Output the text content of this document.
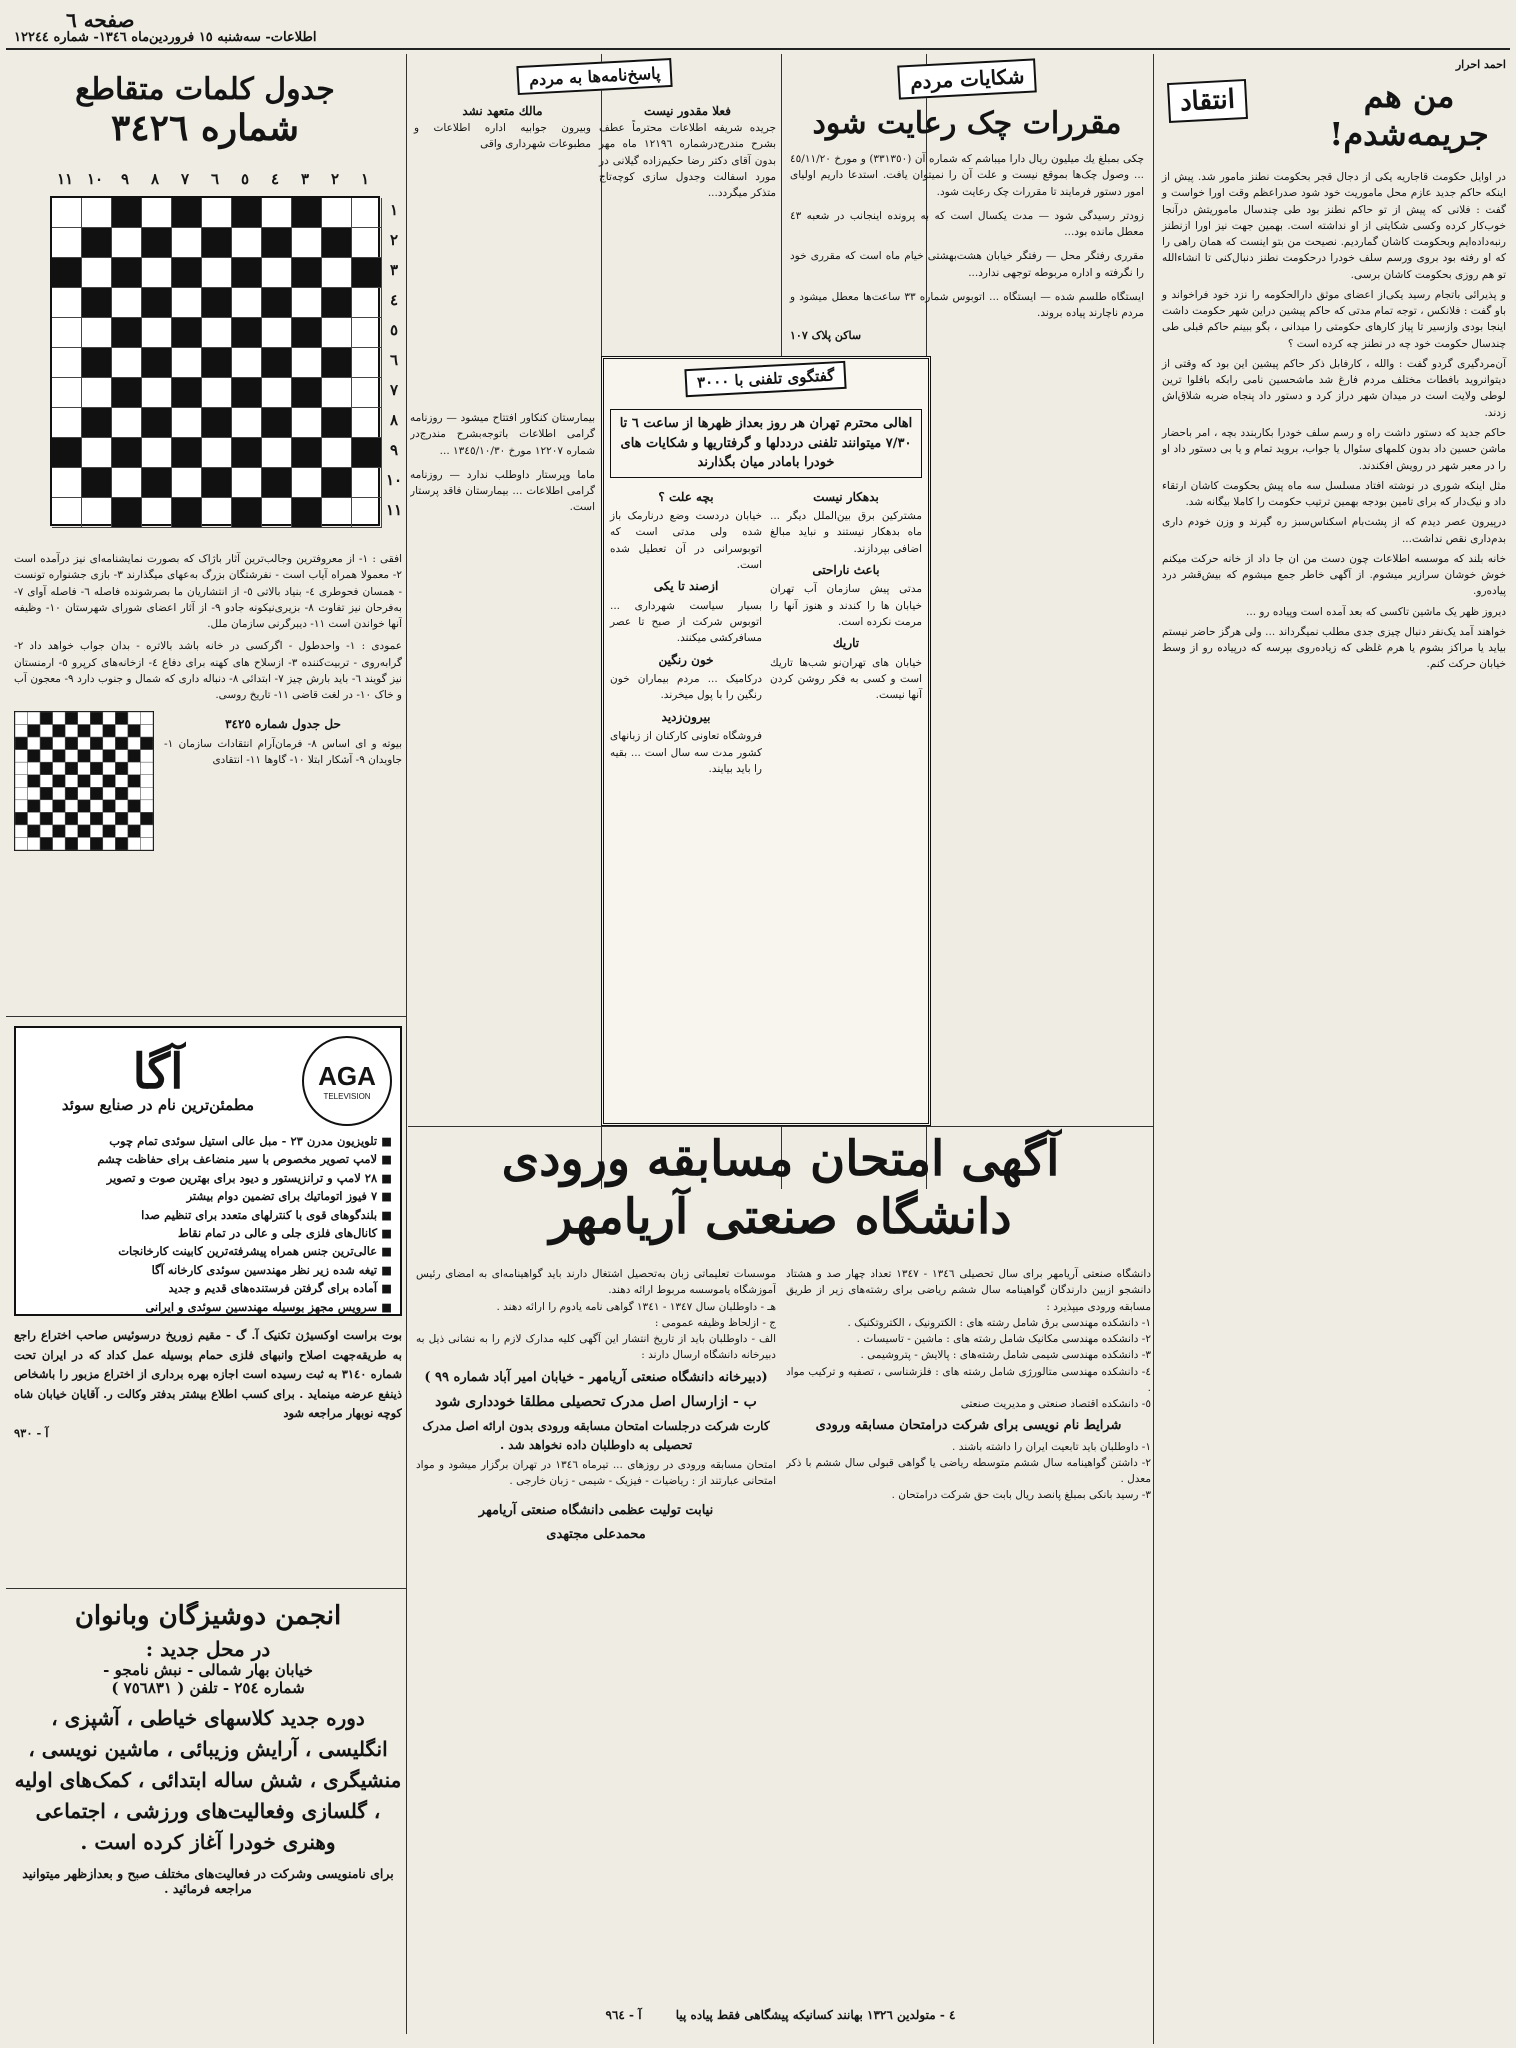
صفحه ٦
اطلاعات- سه‌شنبه ١٥ فروردین‌ماه ١٣٤٦- شماره ١٢٢٤٤
احمد احرار
انتقاد	من هم جریمه‌شدم!

در اوایل حکومت قاجاریه یکی از دجال قجر بحکومت نطنز مامور شد. پیش از اینکه حاکم جدید عازم محل ماموریت خود شود صدراعظم وقت اورا خواست و گفت : فلانی که پیش از تو حاکم نطنز بود طی چندسال ماموریتش درآنجا خوب‌کار کرده وکسی شکایتی از او نداشته است. بهمین جهت نیز اورا ازنطنز رنبه‌داده‌ایم وبحکومت کاشان گماردیم. نصیحت من بتو اینست که همان راهی را که او رفته بود بروی ورسم سلف خودرا درحکومت نطنز دنبال‌کنی تا انشاءالله تو هم روزی بحکومت کاشان برسی.

و پذیرائی باتجام رسید یکی‌از اعضای موثق دارالحکومه را نزد خود فراخواند و باو گفت : فلانکس ، توجه تمام مدتی که حاکم پیشین دراین شهر حکومت داشت اینجا بودی وازسیر تا پیاز کارهای حکومتی را میدانی ، بگو ببینم حاکم قبلی طی چندسال حکومت خود چه در نطنز چه کرده است ؟

آن‌مردگیری گردو گفت : والله ، کارفابل ذکر حاکم پیشین این بود که وقتی از دیتوانروید بافطات مختلف مردم فارغ شد ماشحسین نامی رابکه بافلوا ترین لوطی ولایت است در میدان شهر دراز کرد و دستور داد پنجاه ضربه شلاق‌اش زدند.

حاکم جدید که دستور داشت راه و رسم سلف خودرا بکاربندد بچه ، امر باحضار ماشن حسین داد بدون کلمهای سئوال یا جواب، بروید تمام و یا بی دستور داد او را در معبر شهر در رویش افکندند.

مثل اینکه شوری در نوشته افتاد مسلسل سه ماه پیش بحکومت کاشان ارتقاء داد و نیک‌دار که برای تامین بودجه بهمین ترتیب حکومت را کاملا بیگانه شد.

درپیرون عصر دیدم که از پشت‌بام اسکناس‌سبز ره گیرند و وزن خودم داری بدم‌داری نقص نداشت...

خانه بلند که موسسه اطلاعات چون دست من ان جا داد از خانه حرکت میکنم خوش خوشان سرازیر میشوم. از آگهی خاطر جمع میشوم که بیش‌قشر درد پیاده‌رو.

دیروز ظهر یک ماشین تاکسی که بعد آمده است وپیاده رو ...

خواهند آمد یک‌نفر دنبال چیزی جدی مطلب نمیگرداند ... ولی هرگز حاضر نیستم بیاید یا مراکز بشوم یا هرم غلظی که زیاده‌روی بپرسه که درپیاده رو از وسط خیابان حرکت کنم.

شکایات مردم
مقررات چک رعایت شود

چکی بمبلغ یك میلیون ریال دارا میباشم که شماره آن (٣٣١٣٥٠) و مورخ ٤٥/١١/٢٠ ... وصول چک‌ها بموقع نیست و علت آن را نمیتوان یافت. استدعا داریم اولیای امور دستور فرمایند تا مقررات چک رعایت شود.

زودتر رسیدگی شود — مدت یکسال است که به پرونده اینجانب در شعبه ٤٣ معطل مانده بود...

مقرری رفتگر محل — رفتگر خیابان هشت‌بهشتی خیام ماه است که مقرری خود را نگرفته و اداره مربوطه توجهی ندارد...

ایستگاه طلسم شده — ایستگاه ... اتوبوس شماره ٣٣ ساعت‌ها معطل میشود و مردم ناچارند پیاده بروند.

ساکن پلاک ١٠٧

پاسخ‌نامه‌ها به مردم
فعلا مقدور نیست

جریده شریفه اطلاعات محترماً عطف بشرح مندرج‌درشماره ١٢١٩٦ ماه مهر بدون آقای دکتر رضا حکیم‌زاده گیلانی در مورد اسفالت وجدول سازی کوچه‌تاج متذکر میگردد...

مالك متعهد نشد

وبیرون جوابیه اداره اطلاعات و مطبوعات شهرداری واقی

گفتگوی تلفنی با ۳۰۰۰
اهالی محترم تهران هر روز بعداز ظهرها از ساعت ٦ تا ٧/٣٠ میتوانند تلفنی درددلها و گرفتاریها و شکایات های خودرا بامادر میان بگذارند
بدهکار نیست

مشترکین برق بین‌الملل دیگر ... ماه بدهکار نیستند و نباید مبالغ اضافی بپردازند.

باعث ناراحتی

مدتی پیش سازمان آب تهران خیابان ها را کندند و هنوز آنها را مرمت نکرده است.

تاریك

خیابان های تهران‌نو شب‌ها تاریك است و کسی به فکر روشن کردن آنها نیست.

بچه علت ؟

خیابان دردست وضع درنارمک باز شده ولی مدتی است که اتوبوسرانی در آن تعطیل شده است.

ازصند تا یکی

بسیار سیاست شهرداری ... اتوبوس شرکت از صبح تا عصر مسافرکشی میکنند.

خون رنگین

درکامیک ... مردم بیماران خون رنگین را با پول میخرند.

بیرون‌زدید

فروشگاه تعاونی کارکنان از زبانهای کشور مدت سه سال است ... بقیه را باید بیایند.

بیمارستان کنکاور افتتاح میشود — روزنامه گرامی اطلاعات باتوجه‌بشرح مندرج‌در شماره ١٢٢٠٧ مورخ ١٣٤٥/١٠/٣٠ ...

ماما وپرستار داوطلب ندارد — روزنامه گرامی اطلاعات ... بیمارستان فاقد پرستار است.

جدول کلمات متقاطع
شماره ٣٤٢٦
١
٢
٣
٤
٥
٦
٧
٨
٩
١٠
١١
١
٢
٣
٤
٥
٦
٧
٨
٩
١٠
١١

افقی : ١- از معروفترین وجالب‌ترین آثار باژاک که بصورت نمایشنامه‌ای نیز درآمده است ٢- معمولا همراه آیاب است - نفرشتگان بزرگ به‌عهای میگذارند ٣- بازی جشنواره تونست - همسان فحوطری ٤- بنیاد بالاتی ٥- از انتشاریان ما بصرشونده فاصله ٦- فاصله آوای ٧- به‌فرحان نیز تفاوت ٨- بزیری‌نیکونه جادو ٩- از آثار اعضای شورای شهرستان ١٠- وظیفه آنها خواندن است ١١- دیبرگرنی سازمان ملل.

عمودی : ١- واحدطول - اگرکسی در خانه باشد بالاتره - بدان جواب خواهد داد ٢- گرابه‌روی - تربیت‌کننده ٣- ازسلاح های کهنه برای دفاع ٤- ازخانه‌های کرپرو ٥- ارمنستان نیز گویند ٦- باید بارش چیز ٧- ابتدائی ٨- دنباله داری که شمال و جنوب دارد ٩- معجون آب و خاک ١٠- در لغت قاضی ١١- تاریخ روسی.

حل جدول شماره ٣٤٢٥

بیوته و ای اساس ٨- فرمان‌آرام انتقادات سازمان ١- جاویدان ٩- آشکار ابتلا ١٠- گاوها ١١- انتقادی

AGA
TELEVISION
آگا
مطمئن‌ترین نام در صنایع سوئد
■ تلویزیون مدرن ٢٣ - مبل عالی استیل سوئدی تمام چوب
■ لامپ تصویر مخصوص با سیر منضاعف برای حفاظت چشم
■ ٢٨ لامپ و ترانزیستور و دیود برای بهترین صوت و تصویر
■ ٧ فیوز اتوماتیك برای تضمین دوام بیشتر
■ بلندگوهای قوی با کنترلهای متعدد برای تنظیم صدا
■ کانال‌های فلزی جلی و عالی در تمام نقاط
■ عالی‌ترین جنس همراه پیشرفته‌ترین کابینت کارخانجات
■ تیغه شده زیر نظر مهندسین سوئدی کارخانه آگا
■ آماده برای گرفتن فرستنده‌های قدیم و جدید
■ سرویس مجهز بوسیله مهندسین سوئدی و ایرانی

بوت براست اوکسیژن تکنیک آ. گ - مقیم زوریخ درسوئیس صاحب اختراع راجع به طریقه‌جهت اصلاح وانبهای فلزی حمام بوسیله عمل کداد که در ایران تحت شماره ٣١٤٠ به ثبت رسیده است اجازه بهره برداری از اختراع مزبور را باشخاص ذینفع عرضه مینماید . برای کسب اطلاع بیشتر بدفتر وکالت ر. آقایان خیابان شاه کوچه نوبهار مراجعه شود

آ - ٩٣٠

انجمن دوشیزگان وبانوان
در محل جدید :
خیابان بهار شمالی - نبش نامجو -
شماره ٢٥٤ - تلفن ( ٧٥٦٨٣١ )
دوره جدید کلاسهای خیاطی ، آشپزی ، انگلیسی ، آرایش وزیبائی ، ماشین نویسی ، منشیگری ، شش ساله ابتدائی ، کمک‌های اولیه ، گلسازی وفعالیت‌های ورزشی ، اجتماعی وهنری خودرا آغاز کرده است .
برای نامنویسی وشرکت در فعالیت‌های مختلف صبح و بعدازظهر میتوانید مراجعه فرمائید .
آگهی امتحان مسابقه ورودی
دانشگاه صنعتی آریامهر

دانشگاه صنعتی آریامهر برای سال تحصیلی ١٣٤٦ - ١٣٤٧ تعداد چهار صد و هشتاد دانشجو ازبین دارندگان گواهینامه سال ششم ریاضی برای رشته‌های زیر از طریق مسابقه ورودی میپذیرد :

١- دانشکده مهندسی برق شامل رشته های : الکترونیک ، الکتروتکنیک .

٢- دانشکده مهندسی مکانیک شامل رشته های : ماشین - تاسیسات .

٣- دانشکده مهندسی شیمی شامل رشته‌های : پالایش - پتروشیمی .

٤- دانشکده مهندسی متالورژی شامل رشته های : فلزشناسی ، تصفیه و ترکیب مواد .

٥- دانشکده اقتصاد صنعتی و مدیریت صنعتی

شرایط نام نویسی برای شرکت درامتحان مسابقه ورودی

١- داوطلبان باید تابعیت ایران را داشته باشند .

٢- داشتن گواهینامه سال ششم متوسطه ریاضی یا گواهی قبولی سال ششم با ذکر معدل .

٣- رسید بانکی بمبلغ پانصد ریال بابت حق شرکت درامتحان .

موسسات تعلیماتی زبان به‌تحصیل اشتغال دارند باید گواهینامه‌ای به امضای رئیس آموزشگاه یاموسسه مربوط ارائه دهند.

هـ - داوطلبان سال ١٣٤٧ - ١٣٤١ گواهی نامه یادوم را ارائه دهند .

ج - ازلحاظ وظیفه عمومی :

الف - داوطلبان باید از تاریخ انتشار این آگهی کلیه مدارک لازم را به نشانی ذیل به دبیرخانه دانشگاه ارسال دارند :

(دبیرخانه دانشگاه صنعتی آریامهر - خیابان امیر آباد شماره ٩٩ )

ب - ازارسال اصل مدرک تحصیلی مطلقا خودداری شود

کارت شرکت درجلسات امتحان مسابقه ورودی بدون ارائه اصل مدرک تحصیلی به داوطلبان داده نخواهد شد .

امتحان مسابقه ورودی در روزهای ... تیرماه ١٣٤٦ در تهران برگزار میشود و مواد امتحانی عبارتند از : ریاضیات - فیزیک - شیمی - زبان خارجی .

نیابت تولیت عظمی دانشگاه صنعتی آریامهر

محمدعلی مجتهدی

٤ - متولدین ١٣٢٦ بهانند کسانیکه پیشگاهی فقط پیاده پیا آ - ٩٦٤
